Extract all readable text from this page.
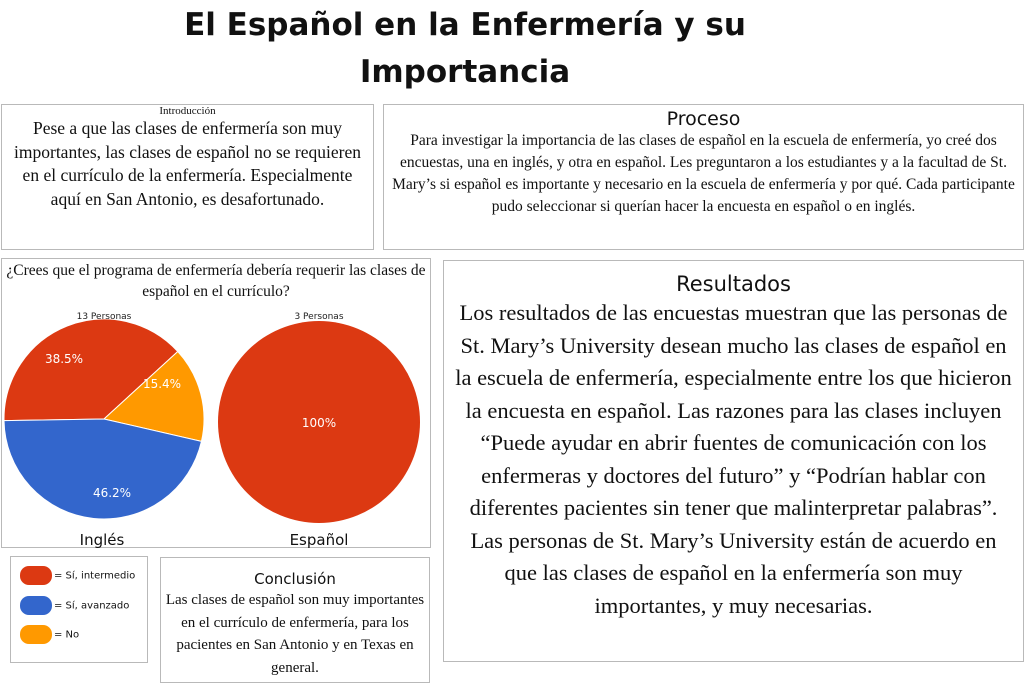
El Español en la Enfermería y su Importancia
Introducción
Pese a que las clases de enfermería son muy importantes, las clases de español no se requieren en el currículo de la enfermería. Especialmente aquí en San Antonio, es desafortunado.
Proceso
Para investigar la importancia de las clases de español en la escuela de enfermería, yo creé dos encuestas, una en inglés, y otra en español. Les preguntaron a los estudiantes y a la facultad de St. Mary’s si español es importante y necesario en la escuela de enfermería y por qué. Cada participante pudo seleccionar si querían hacer la encuesta en español o en inglés.
¿Crees que el programa de enfermería debería requerir las clases de español en el currículo?
38.5%
15.4%
46.2%
13 Personas
Inglés
100%
3 Personas
Español
= Sí, intermedio
= Sí, avanzado
= No
Conclusión
Las clases de español son muy importantes en el currículo de enfermería, para los pacientes en San Antonio y en Texas en general.
Resultados
Los resultados de las encuestas muestran que las personas de St. Mary’s University desean mucho las clases de español en la escuela de enfermería, especialmente entre los que hicieron la encuesta en español. Las razones para las clases incluyen “Puede ayudar en abrir fuentes de comunicación con los enfermeras y doctores del futuro” y “Podrían hablar con diferentes pacientes sin tener que malinterpretar palabras”. Las personas de St. Mary’s University están de acuerdo en que las clases de español en la enfermería son muy importantes, y muy necesarias.
